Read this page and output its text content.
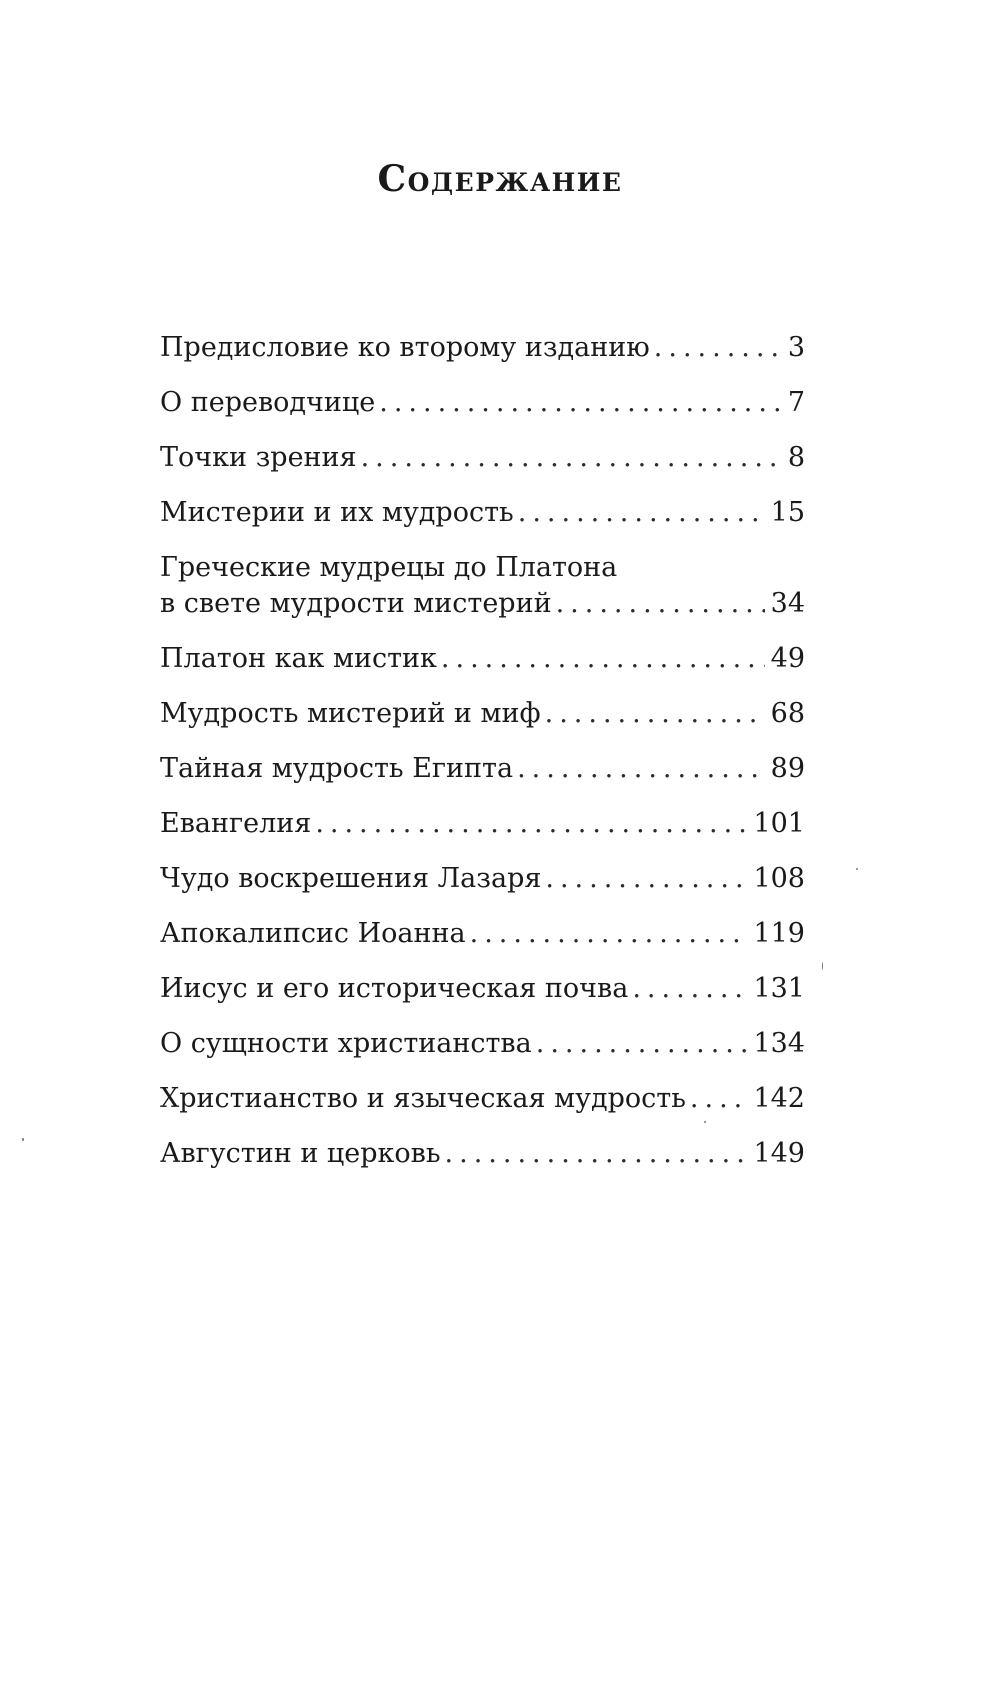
Содержание
Предисловие ко второму изданию .....	3
О переводчице .....	7
Точки зрения .....	8
Мистерии и их мудрость .....	15
Греческие мудрецы до Платона
в свете мудрости мистерий .....	34
Платон как мистик .....	49
Мудрость мистерий и миф .....	68
Тайная мудрость Египта .....	89
Евангелия .....	101
Чудо воскрешения Лазаря .....	108
Апокалипсис Иоанна .....	119
Иисус и его историческая почва .....	131
О сущности христианства .....	134
Христианство и языческая мудрость .....	142
Августин и церковь .....	149
